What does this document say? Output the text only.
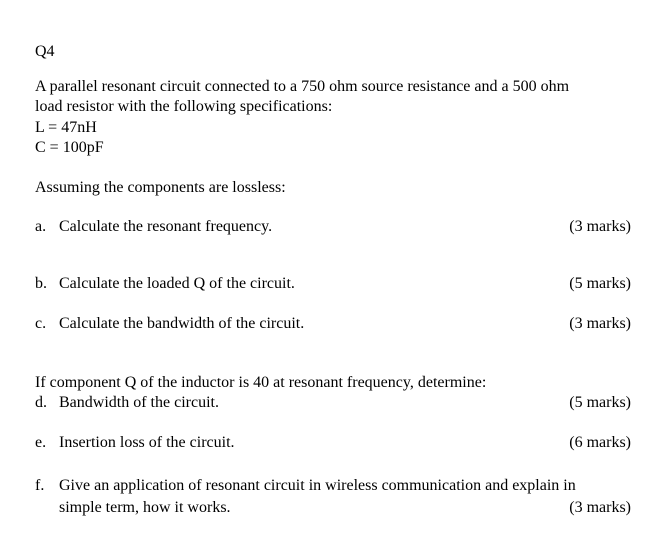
Q4
A parallel resonant circuit connected to a 750 ohm source resistance and a 500 ohm
load resistor with the following specifications:
L = 47nH
C = 100pF
Assuming the components are lossless:
a. Calculate the resonant frequency.	(3 marks)
b. Calculate the loaded Q of the circuit.	(5 marks)
c. Calculate the bandwidth of the circuit.	(3 marks)
If component Q of the inductor is 40 at resonant frequency, determine:
d. Bandwidth of the circuit.	(5 marks)
e. Insertion loss of the circuit.	(6 marks)
f. Give an application of resonant circuit in wireless communication and explain in
simple term, how it works.	(3 marks)
